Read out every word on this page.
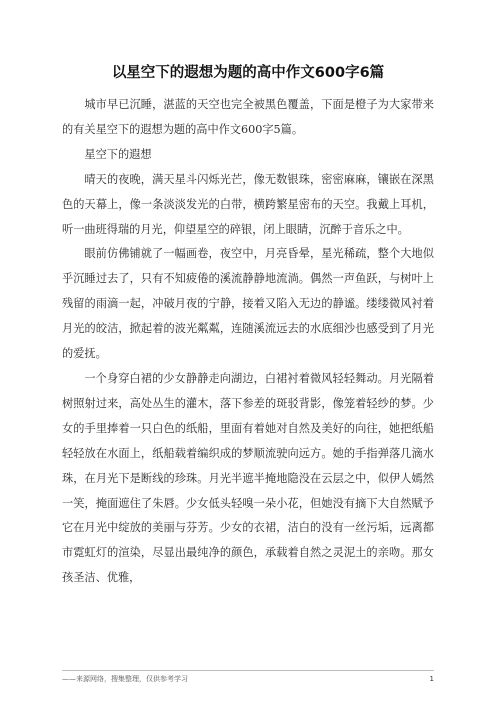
以星空下的遐想为题的高中作文600字6篇

城市早已沉睡，湛蓝的天空也完全被黑色覆盖，下面是橙子为大家带来的有关星空下的遐想为题的高中作文600字5篇。

星空下的遐想

晴天的夜晚，满天星斗闪烁光芒，像无数银珠，密密麻麻，镶嵌在深黑色的天幕上，像一条淡淡发光的白带，横跨繁星密布的天空。我戴上耳机，听一曲班得瑞的月光，仰望星空的碎银，闭上眼睛，沉醉于音乐之中。

眼前仿佛铺就了一幅画卷，夜空中，月亮昏晕，星光稀疏，整个大地似乎沉睡过去了，只有不知疲倦的溪流静静地流淌。偶然一声鱼跃，与树叶上残留的雨滴一起，冲破月夜的宁静，接着又陷入无边的静谧。缕缕微风衬着月光的皎洁，掀起着的波光粼粼，连随溪流远去的水底细沙也感受到了月光的爱抚。

一个身穿白裙的少女静静走向湖边，白裙衬着微风轻轻舞动。月光隔着树照射过来，高处丛生的灌木，落下参差的斑驳背影，像笼着轻纱的梦。少女的手里捧着一只白色的纸船，里面有着她对自然及美好的向往，她把纸船轻轻放在水面上，纸船载着编织成的梦顺流驶向远方。她的手指弹落几滴水珠，在月光下是断线的珍珠。月光半遮半掩地隐没在云层之中，似伊人嫣然一笑，掩面遮住了朱唇。少女低头轻嗅一朵小花，但她没有摘下大自然赋予它在月光中绽放的美丽与芬芳。少女的衣裙，洁白的没有一丝污垢，远离都市霓虹灯的渲染，尽显出最纯净的颜色，承载着自然之灵泥土的亲吻。那女孩圣洁、优雅，

——来源网络，搜集整理，仅供参考学习	1
